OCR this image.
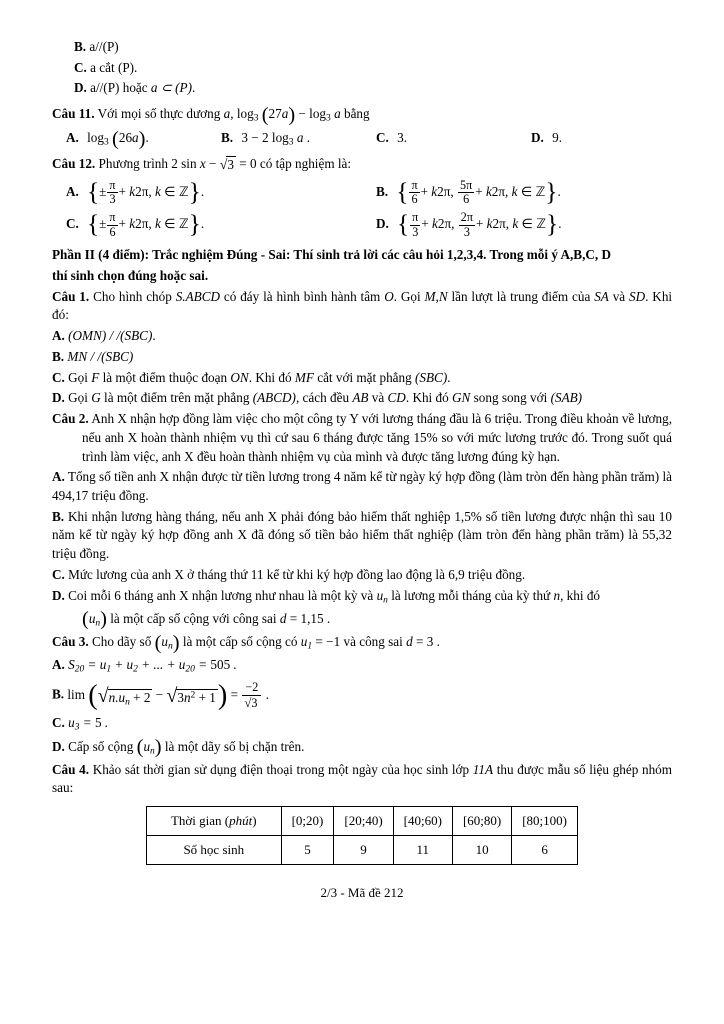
B. a//(P)
C. a cắt (P).
D. a//(P) hoặc a ⊂ (P).
Câu 11. Với mọi số thực dương a, $\log_3 (27a) - \log_3 a$ bằng
A. $\log_3 (26a)$.	B. 3 − 2 $\log_3 a$ .	C. 3.	D. 9.
Câu 12. Phương trình 2 sin x − √3 = 0 có tập nghiệm là:
A. {± $\frac{\pi}{3} + k2\pi$, k ∈ ℤ}.	B. { $\frac{\pi}{6} + k2\pi$, $\frac{5\pi}{6} + k2\pi$, k ∈ ℤ}.
C. {± $\frac{\pi}{6} + k2\pi$, k ∈ ℤ}.	D. { $\frac{\pi}{3} + k2\pi$, $\frac{2\pi}{3} + k2\pi$, k ∈ ℤ}.
Phần II (4 điểm): Trắc nghiệm Đúng - Sai: Thí sinh trả lời các câu hỏi 1,2,3,4. Trong mỗi ý A,B,C, D
thí sinh chọn đúng hoặc sai.
Câu 1. Cho hình chóp S.ABCD có đáy là hình bình hành tâm O. Gọi M,N lần lượt là trung điểm của SA và SD. Khi đó:
A. (OMN) / /(SBC).
B. MN / /(SBC)
C. Gọi F là một điểm thuộc đoạn ON. Khi đó MF cắt với mặt phẳng (SBC).
D. Gọi G là một điểm trên mặt phẳng (ABCD), cách đều AB và CD. Khi đó GN song song với (SAB)
Câu 2. Anh X nhận hợp đồng làm việc cho một công ty Y với lương tháng đầu là 6 triệu. Trong điều khoản về lương, nếu anh X hoàn thành nhiệm vụ thì cứ sau 6 tháng được tăng 15% so với mức lương trước đó. Trong suốt quá trình làm việc, anh X đều hoàn thành nhiệm vụ của mình và được tăng lương đúng kỳ hạn.
A. Tổng số tiền anh X nhận được từ tiền lương trong 4 năm kể từ ngày ký hợp đồng (làm tròn đến hàng phần trăm) là 494,17 triệu đồng.
B. Khi nhận lương hàng tháng, nếu anh X phải đóng bảo hiểm thất nghiệp 1,5% số tiền lương được nhận thì sau 10 năm kể từ ngày ký hợp đồng anh X đã đóng số tiền bảo hiểm thất nghiệp (làm tròn đến hàng phần trăm) là 55,32 triệu đồng.
C. Mức lương của anh X ở tháng thứ 11 kể từ khi ký hợp đồng lao động là 6,9 triệu đồng.
D. Coi mỗi 6 tháng anh X nhận lương như nhau là một kỳ và $u_n$ là lương mỗi tháng của kỳ thứ n, khi đó
$(u_n)$ là một cấp số cộng với công sai d = 1,15 .
Câu 3. Cho dãy số $(u_n)$ là một cấp số cộng có $u_1 = -1$ và công sai d = 3 .
A. $S_{20} = u_1 + u_2$ + ... + $u_{20} = 505$ .
B. $\lim (√n.u_n + 2 - √3n^2 + 1) = \frac{-2}{√3}$ .
C. $u_3 = 5$ .
D. Cấp số cộng $(u_n)$ là một dãy số bị chặn trên.
Câu 4. Khảo sát thời gian sử dụng điện thoại trong một ngày của học sinh lớp 11A thu được mẫu số liệu ghép nhóm sau:
Thời gian (phút)	[0;20)	[20;40)	[40;60)	[60;80)	[80;100)
Số học sinh	5	9	11	10	6
2/3 - Mã đề 212
